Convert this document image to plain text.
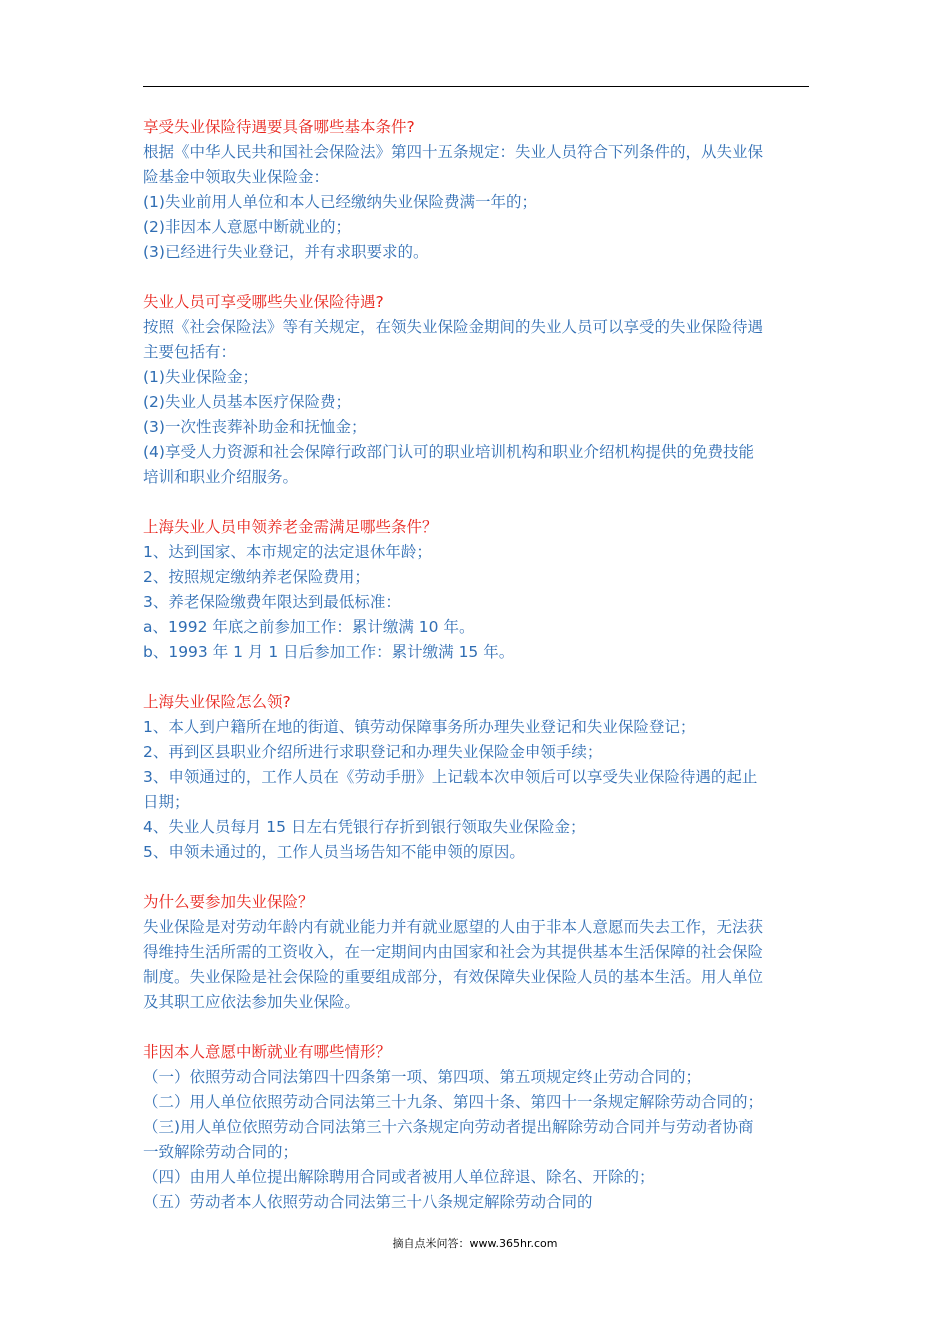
享受失业保险待遇要具备哪些基本条件?
根据《中华人民共和国社会保险法》第四十五条规定：失业人员符合下列条件的，从失业保
险基金中领取失业保险金：
(1)失业前用人单位和本人已经缴纳失业保险费满一年的；
(2)非因本人意愿中断就业的；
(3)已经进行失业登记，并有求职要求的。
失业人员可享受哪些失业保险待遇?
按照《社会保险法》等有关规定，在领失业保险金期间的失业人员可以享受的失业保险待遇
主要包括有：
(1)失业保险金；
(2)失业人员基本医疗保险费；
(3)一次性丧葬补助金和抚恤金；
(4)享受人力资源和社会保障行政部门认可的职业培训机构和职业介绍机构提供的免费技能
培训和职业介绍服务。
上海失业人员申领养老金需满足哪些条件？
1、达到国家、本市规定的法定退休年龄；
2、按照规定缴纳养老保险费用；
3、养老保险缴费年限达到最低标准：
a、1992 年底之前参加工作：累计缴满 10 年。
b、1993 年 1 月 1 日后参加工作：累计缴满 15 年。
上海失业保险怎么领?
1、本人到户籍所在地的街道、镇劳动保障事务所办理失业登记和失业保险登记；
2、再到区县职业介绍所进行求职登记和办理失业保险金申领手续；
3、申领通过的，工作人员在《劳动手册》上记载本次申领后可以享受失业保险待遇的起止
日期；
4、失业人员每月 15 日左右凭银行存折到银行领取失业保险金；
5、申领未通过的，工作人员当场告知不能申领的原因。
为什么要参加失业保险？
失业保险是对劳动年龄内有就业能力并有就业愿望的人由于非本人意愿而失去工作，无法获
得维持生活所需的工资收入，在一定期间内由国家和社会为其提供基本生活保障的社会保险
制度。失业保险是社会保险的重要组成部分，有效保障失业保险人员的基本生活。用人单位
及其职工应依法参加失业保险。
非因本人意愿中断就业有哪些情形？
（一）依照劳动合同法第四十四条第一项、第四项、第五项规定终止劳动合同的；
（二）用人单位依照劳动合同法第三十九条、第四十条、第四十一条规定解除劳动合同的；
（三)用人单位依照劳动合同法第三十六条规定向劳动者提出解除劳动合同并与劳动者协商
一致解除劳动合同的；
（四）由用人单位提出解除聘用合同或者被用人单位辞退、除名、开除的；
（五）劳动者本人依照劳动合同法第三十八条规定解除劳动合同的
摘自点米问答：www.365hr.com
